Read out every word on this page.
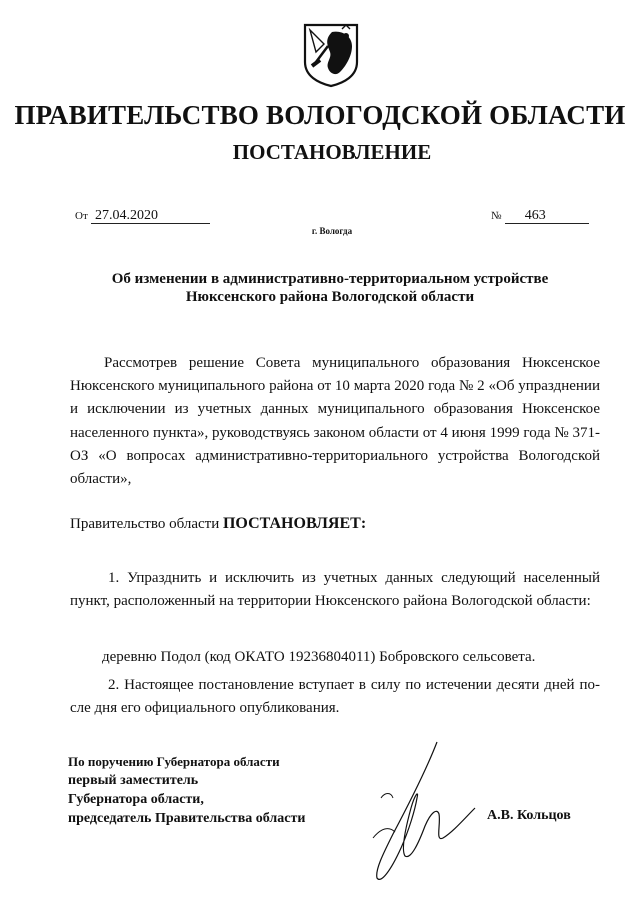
ПРАВИТЕЛЬСТВО ВОЛОГОДСКОЙ ОБЛАСТИ
ПОСТАНОВЛЕНИЕ
От 27.04.2020	№ 463
г. Вологда
Об изменении в административно-территориальном устройстве
Нюксенского района Вологодской области
Рассмотрев решение Совета муниципального образования Нюксенское Нюксенского муниципального района от 10 марта 2020 года № 2 «Об упразднении и исключении из учетных данных муниципального образования Нюксенское населенного пункта», руководствуясь законом области от 4 июня 1999 года № 371-ОЗ «О вопросах административно-территориального устройства Вологодской области»,
Правительство области ПОСТАНОВЛЯЕТ:
1. Упразднить и исключить из учетных данных следующий населенный пункт, расположенный на территории Нюксенского района Вологодской области:
деревню Подол (код ОКАТО 19236804011) Бобровского сельсовета.
2. Настоящее постановление вступает в силу по истечении десяти дней после дня его официального опубликования.
По поручению Губернатора области
первый заместитель
Губернатора области,
председатель Правительства области	А.В. Кольцов
